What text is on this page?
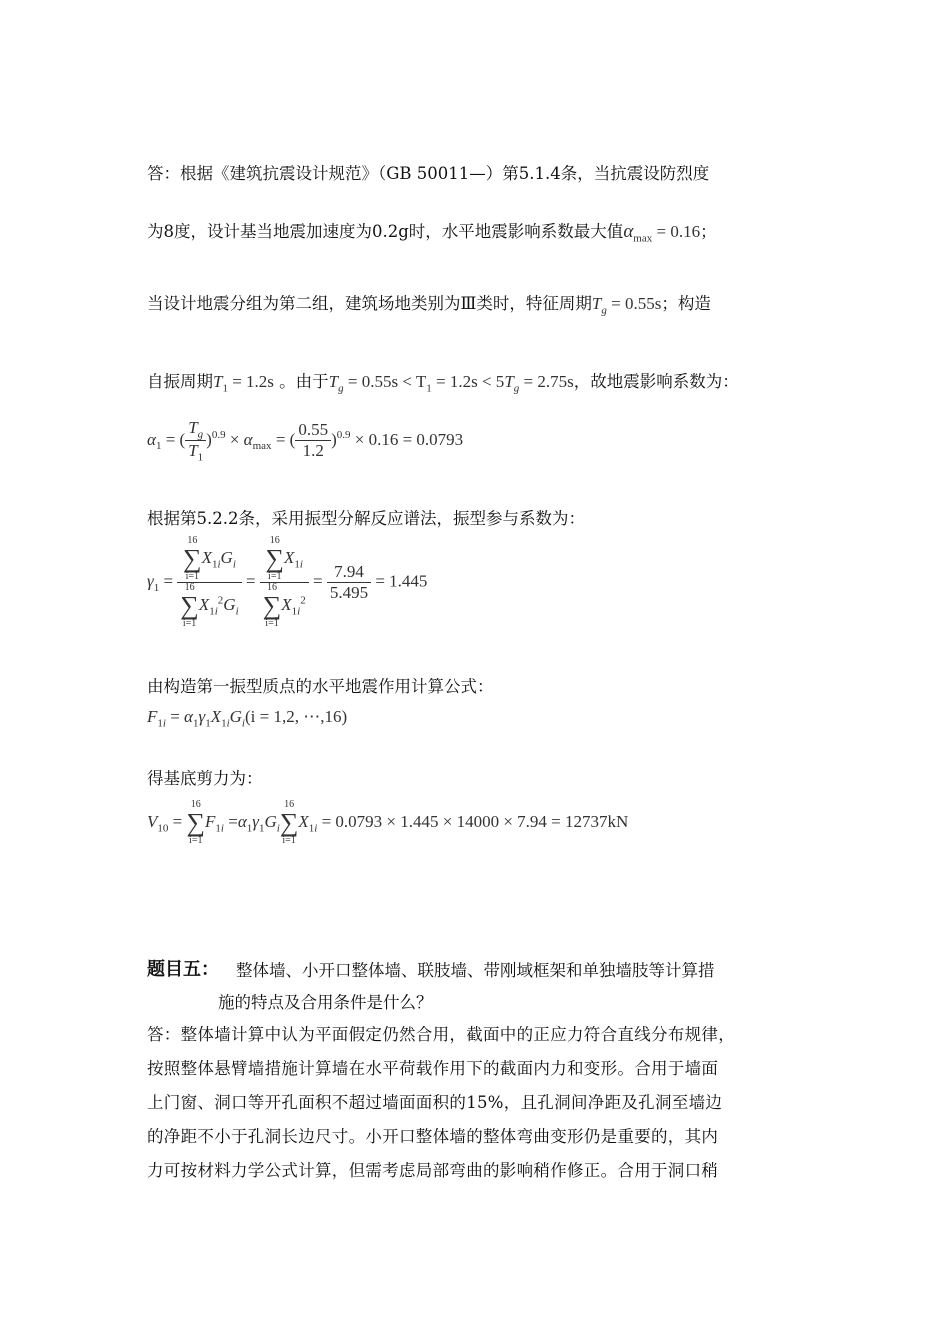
答：根据《建筑抗震设计规范》（GB 50011—）第5.1.4条，当抗震设防烈度
为8度，设计基当地震加速度为0.2g时，水平地震影响系数最大值$\alpha_{max} = 0.16$；
当设计地震分组为第二组，建筑场地类别为Ⅲ类时，特征周期$T_g = 0.55s$；构造
自振周期$T_1 = 1.2s$ 。由于$T_g = 0.55s < T_1 = 1.2s < 5T_g = 2.75s$，故地震影响系数为：
$\alpha_1$ = ( $\frac{T_g}{T_1} )^{0.9} \times \alpha_{max}$ = ( $\frac{0.55}{1.2} )^{0.9} \times 0.16 = 0.0793$
根据第5.2.2条，采用振型分解反应谱法，振型参与系数为：
$\gamma_1 = 16$
∑
i=1
$X_{1i}G_i$
16
∑
i=1
$X_{1i}^2G_i = 16$
∑
i=1
$X_{1i}$
16
∑
i=1
$X_{1i}^2 = \frac{7.94}{5.495} = 1.445$
由构造第一振型质点的水平地震作用计算公式：
$F_{1i} = \alpha_1\gamma_1X_{1i}G_i(i = 1,2$, ⋯,16)
得基底剪力为：
$V_{10}$ =
16
∑
i=1
$F_{1i} =\alpha_1\gamma_1G_i$
16
∑
i=1
$X_{1i} = 0.0793 \times 1.445 \times 14000 \times 7.94 = 12737kN$
题目五： 整体墙、小开口整体墙、联肢墙、带刚域框架和单独墙肢等计算措
施的特点及合用条件是什么？
答：整体墙计算中认为平面假定仍然合用，截面中的正应力符合直线分布规律，
按照整体悬臂墙措施计算墙在水平荷载作用下的截面内力和变形。合用于墙面
上门窗、洞口等开孔面积不超过墙面面积的15%，且孔洞间净距及孔洞至墙边
的净距不小于孔洞长边尺寸。小开口整体墙的整体弯曲变形仍是重要的，其内
力可按材料力学公式计算，但需考虑局部弯曲的影响稍作修正。合用于洞口稍
